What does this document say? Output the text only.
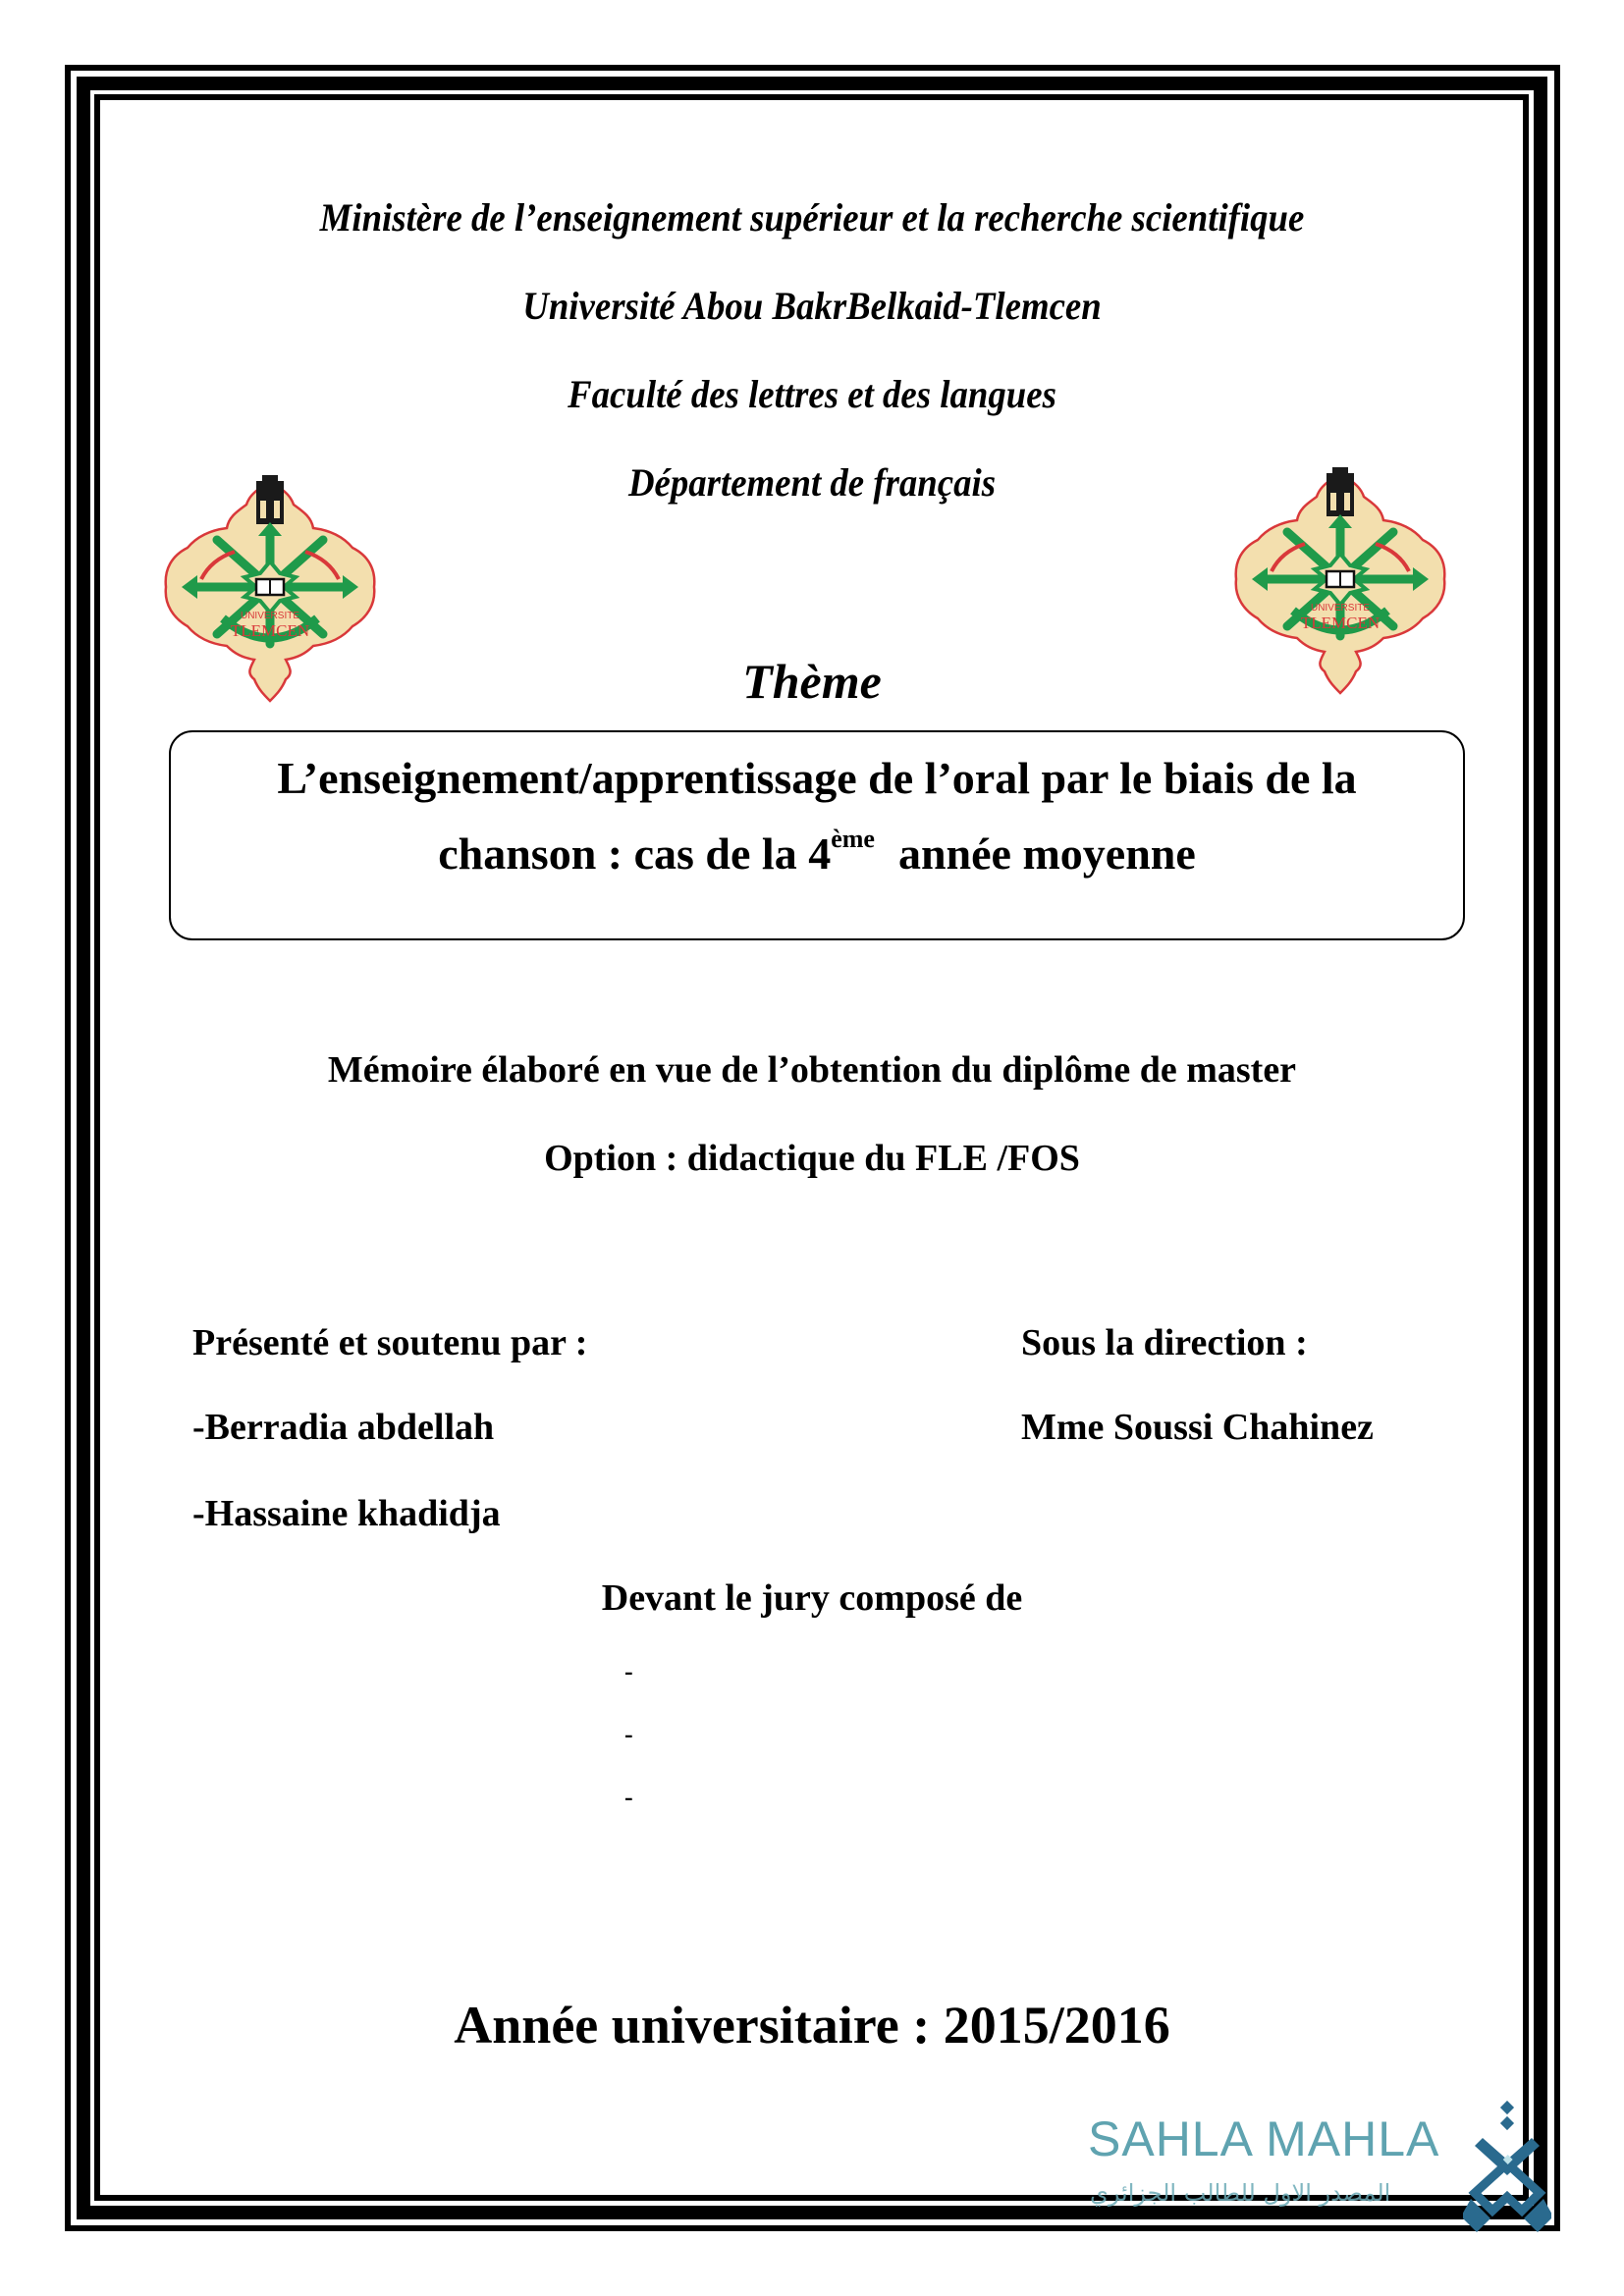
Ministère de l’enseignement supérieur et la recherche scientifique
Université Abou BakrBelkaid-Tlemcen
Faculté des lettres et des langues
Département de français
UNIVERSITE
TLEMCEN
UNIVERSITE
TLEMCEN
Thème
L’enseignement/apprentissage de l’oral par le biais de la
chanson : cas de la 4ème année moyenne
Mémoire élaboré en vue de l’obtention du diplôme de master
Option : didactique du FLE /FOS
Présenté et soutenu par :
-Berradia abdellah
-Hassaine khadidja
Sous la direction :
Mme Soussi Chahinez
Devant le jury composé de
-
-
-
Année universitaire : 2015/2016
SAHLA MAHLA
المصدر الاول للطالب الجزائري
